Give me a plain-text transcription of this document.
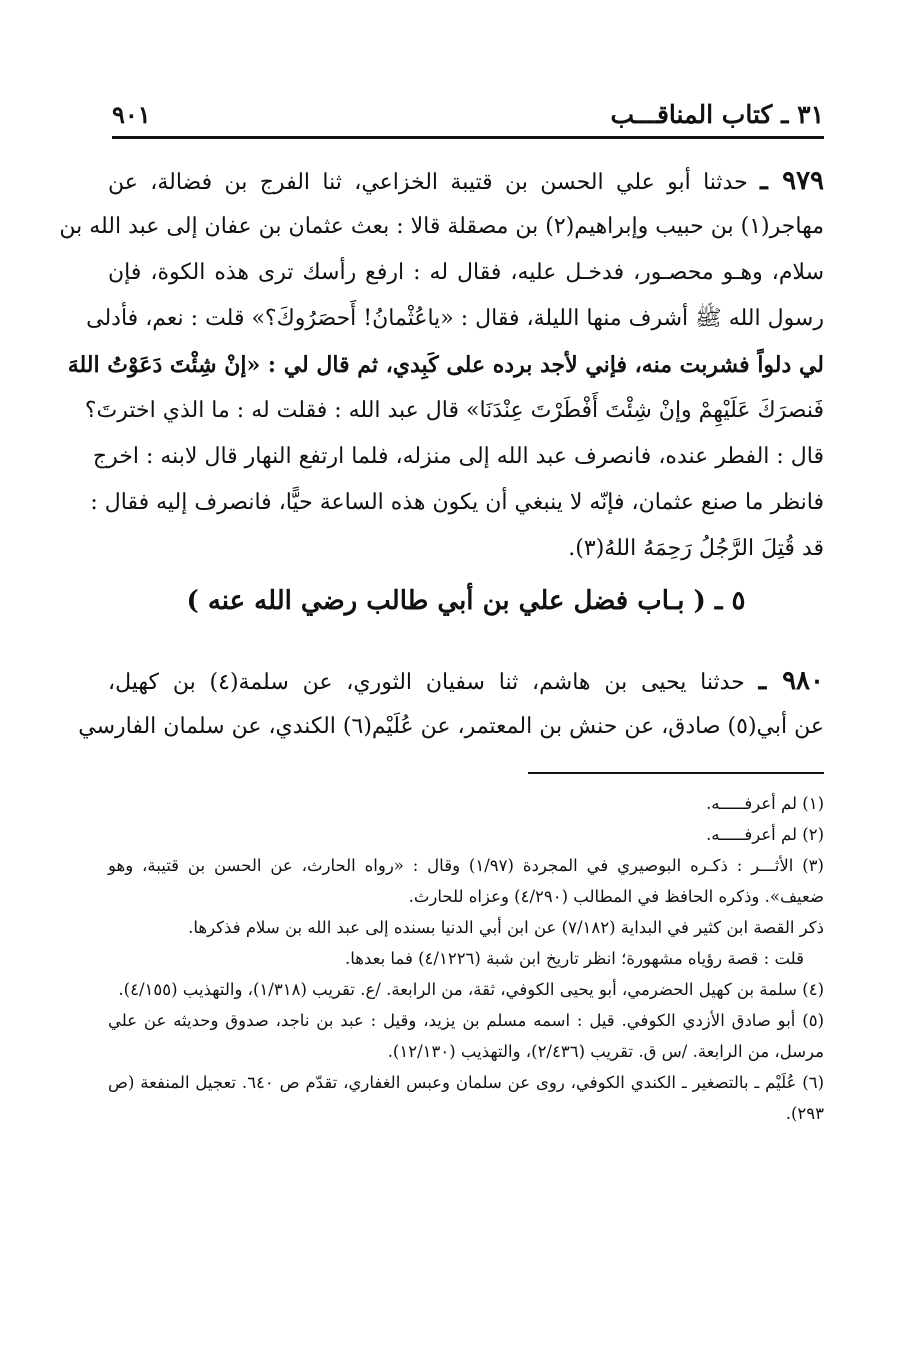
٣١ ـ كتاب المناقـــب
٩٠١
٩٧٩ ـ حدثنا أبو علي الحسن بن قتيبة الخزاعي، ثنا الفرج بن فضالة، عن
مهاجر(١) بن حبيب وإبراهيم(٢) بن مصقلة قالا : بعث عثمان بن عفان إلى عبد الله بن
سلام، وهـو محصـور، فدخـل عليه، فقال له : ارفع رأسك ترى هذه الكوة، فإن
رسول الله ﷺ أشرف منها الليلة، فقال : «ياعُثْمانُ! أَحصَرُوكَ؟» قلت : نعم، فأدلى
لي دلواً فشربت منه، فإني لأجد برده على كَبِدي، ثم قال لي : «إنْ شِئْتَ دَعَوْتُ اللهَ
فَنصرَكَ عَلَيْهِمْ وإنْ شِئْتَ أَفْطَرْتَ عِنْدَنَا» قال عبد الله : فقلت له : ما الذي اخترتَ؟
قال : الفطر عنده، فانصرف عبد الله إلى منزله، فلما ارتفع النهار قال لابنه : اخرج
فانظر ما صنع عثمان، فإنّه لا ينبغي أن يكون هذه الساعة حيًّا، فانصرف إليه فقال :
قد قُتِلَ الرَّجُلُ رَحِمَهُ اللهُ(٣).
٥ ـ ( بـاب فضل علي بن أبي طالب رضي الله عنه )
٩٨٠ ـ حدثنا يحيى بن هاشم، ثنا سفيان الثوري، عن سلمة(٤) بن كهيل،
عن أبي(٥) صادق، عن حنش بن المعتمر، عن عُلَيْم(٦) الكندي، عن سلمان الفارسي

(١) لم أعرفـــــه.

(٢) لم أعرفـــــه.

(٣) الأثـــر : ذكـره البوصيري في المجردة (١/٩٧) وقال : «رواه الحارث، عن الحسن بن قتيبة، وهو ضعيف». وذكره الحافظ في المطالب (٤/٢٩٠) وعزاه للحارث.

ذكر القصة ابن كثير في البداية (٧/١٨٢) عن ابن أبي الدنيا بسنده إلى عبد الله بن سلام فذكرها.

قلت : قصة رؤياه مشهورة؛ انظر تاريخ ابن شبة (٤/١٢٢٦) فما بعدها.

(٤) سلمة بن كهيل الحضرمي، أبو يحيى الكوفي، ثقة، من الرابعة. /ع. تقريب (١/٣١٨)، والتهذيب (٤/١٥٥).

(٥) أبو صادق الأزدي الكوفي. قيل : اسمه مسلم بن يزيد، وقيل : عبد بن ناجد، صدوق وحديثه عن علي مرسل، من الرابعة. /س ق. تقريب (٢/٤٣٦)، والتهذيب (١٢/١٣٠).

(٦) عُلَيْم ـ بالتصغير ـ الكندي الكوفي، روى عن سلمان وعبس الغفاري، تقدّم ص ٦٤٠. تعجيل المنفعة (ص ٢٩٣).
